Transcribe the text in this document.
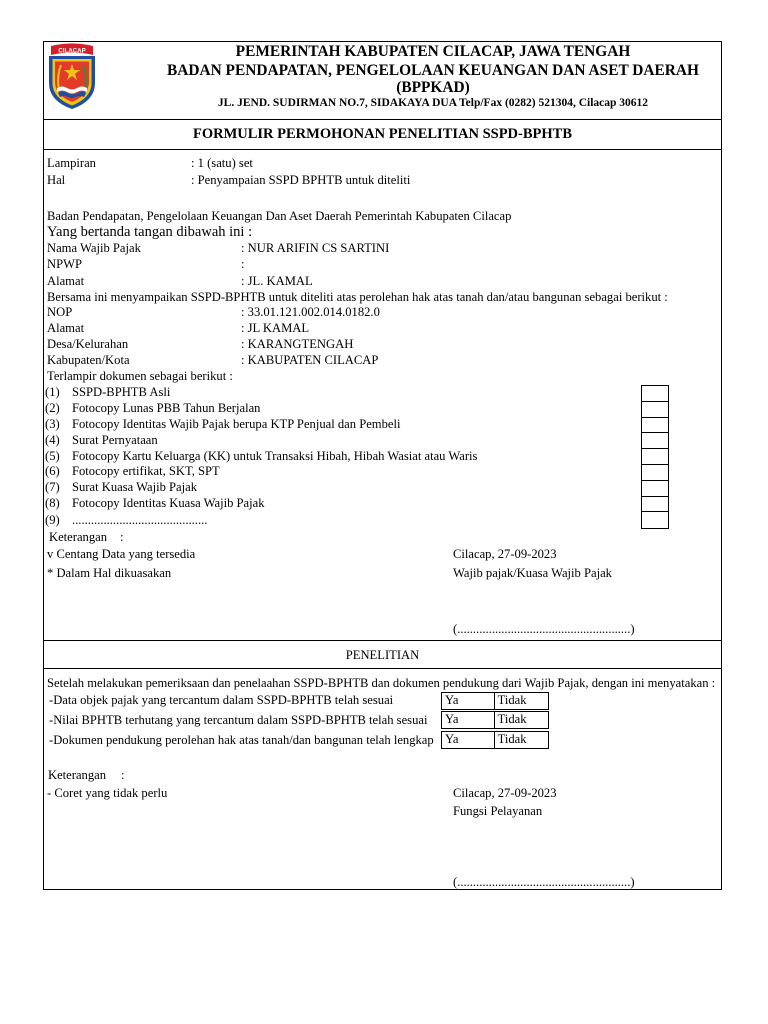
CILACAP	PEMERINTAH KABUPATEN CILACAP, JAWA TENGAH
BADAN PENDAPATAN, PENGELOLAAN KEUANGAN DAN ASET DAERAH
(BPPKAD)
JL. JEND. SUDIRMAN NO.7, SIDAKAYA DUA Telp/Fax (0282) 521304, Cilacap 30612
FORMULIR PERMOHONAN PENELITIAN SSPD-BPHTB
Lampiran	: 1 (satu) set
Hal	: Penyampaian SSPD BPHTB untuk diteliti
Badan Pendapatan, Pengelolaan Keuangan Dan Aset Daerah Pemerintah Kabupaten Cilacap
Yang bertanda tangan dibawah ini :
Nama Wajib Pajak	: NUR ARIFIN CS SARTINI
NPWP	:
Alamat	: JL. KAMAL
Bersama ini menyampaikan SSPD-BPHTB untuk diteliti atas perolehan hak atas tanah dan/atau bangunan sebagai berikut :
NOP	: 33.01.121.002.014.0182.0
Alamat	: JL KAMAL
Desa/Kelurahan	: KARANGTENGAH
Kabupaten/Kota	: KABUPATEN CILACAP
Terlampir dokumen sebagai berikut :
(1) SSPD-BPHTB Asli
(2) Fotocopy Lunas PBB Tahun Berjalan
(3) Fotocopy Identitas Wajib Pajak berupa KTP Penjual dan Pembeli
(4) Surat Pernyataan
(5) Fotocopy Kartu Keluarga (KK) untuk Transaksi Hibah, Hibah Wasiat atau Waris
(6) Fotocopy ertifikat, SKT, SPT
(7) Surat Kuasa Wajib Pajak
(8) Fotocopy Identitas Kuasa Wajib Pajak
(9) ...........................................
Keterangan :
v Centang Data yang tersedia
* Dalam Hal dikuasakan
Cilacap, 27-09-2023
Wajib pajak/Kuasa Wajib Pajak
(.......................................................)
PENELITIAN
Setelah melakukan pemeriksaan dan penelaahan SSPD-BPHTB dan dokumen pendukung dari Wajib Pajak, dengan ini menyatakan :
-Data objek pajak yang tercantum dalam SSPD-BPHTB telah sesuai	Ya	Tidak
-Nilai BPHTB terhutang yang tercantum dalam SSPD-BPHTB telah sesuai	Ya	Tidak
-Dokumen pendukung perolehan hak atas tanah/dan bangunan telah lengkap Ya	Tidak
Keterangan :
- Coret yang tidak perlu	Cilacap, 27-09-2023
Fungsi Pelayanan
(.......................................................)
